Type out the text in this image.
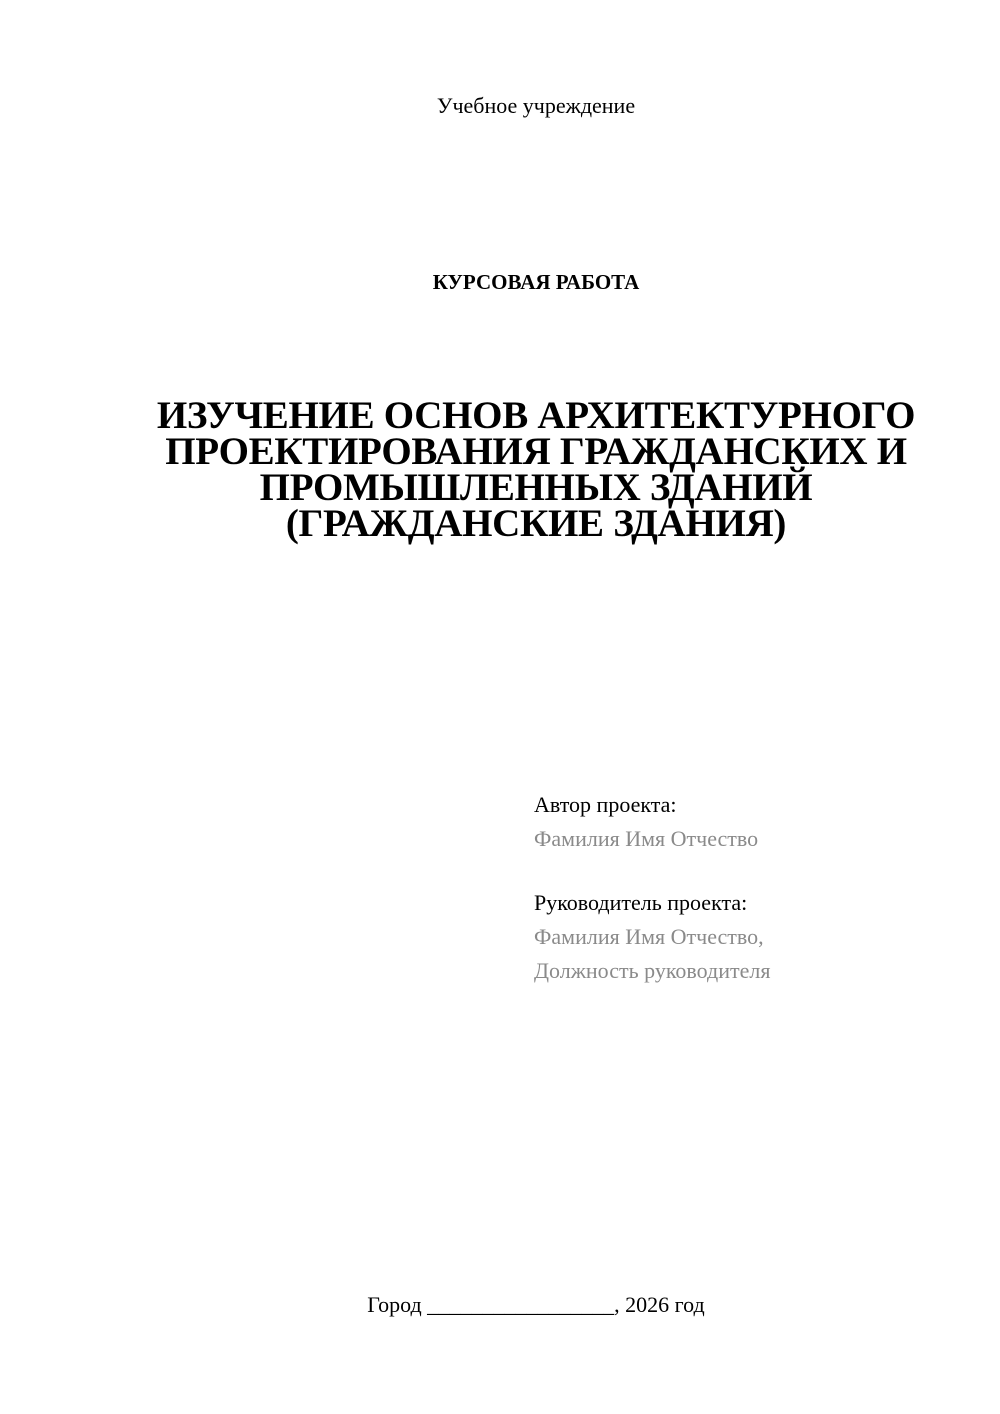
Учебное учреждение
КУРСОВАЯ РАБОТА
ИЗУЧЕНИЕ ОСНОВ АРХИТЕКТУРНОГО
ПРОЕКТИРОВАНИЯ ГРАЖДАНСКИХ И
ПРОМЫШЛЕННЫХ ЗДАНИЙ
(ГРАЖДАНСКИЕ ЗДАНИЯ)
Автор проекта:
Фамилия Имя Отчество
Руководитель проекта:
Фамилия Имя Отчество,
Должность руководителя
Город _________________, 2026 год
